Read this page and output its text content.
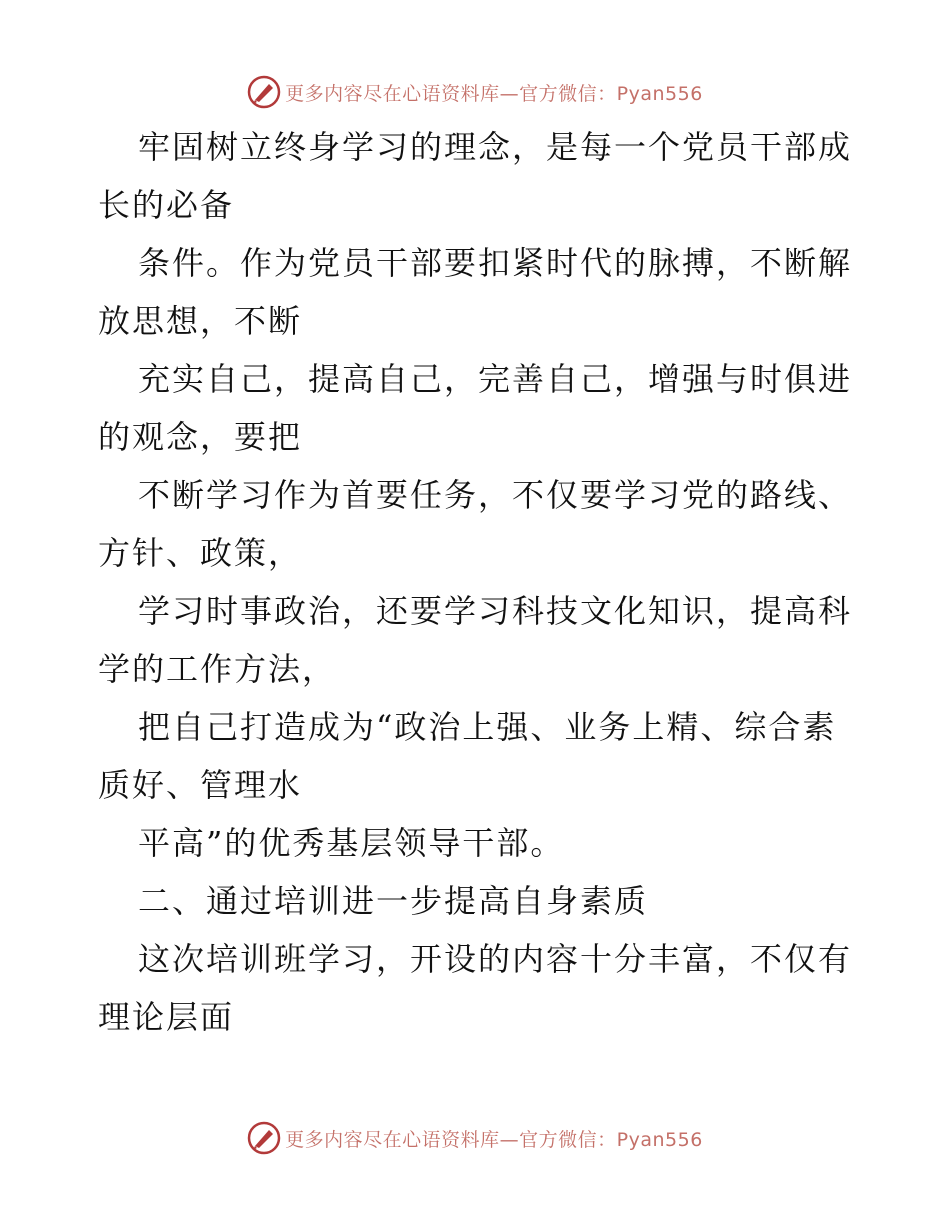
更多内容尽在心语资料库—官方微信：Pyan556

牢固树立终身学习的理念，是每一个党员干部成长的必备

条件。作为党员干部要扣紧时代的脉搏，不断解放思想，不断

充实自己，提高自己，完善自己，增强与时俱进的观念，要把

不断学习作为首要任务，不仅要学习党的路线、方针、政策，

学习时事政治，还要学习科技文化知识，提高科学的工作方法，

把自己打造成为“政治上强、业务上精、综合素质好、管理水

平高”的优秀基层领导干部。

二、通过培训进一步提高自身素质

这次培训班学习，开设的内容十分丰富，不仅有理论层面

更多内容尽在心语资料库—官方微信：Pyan556
